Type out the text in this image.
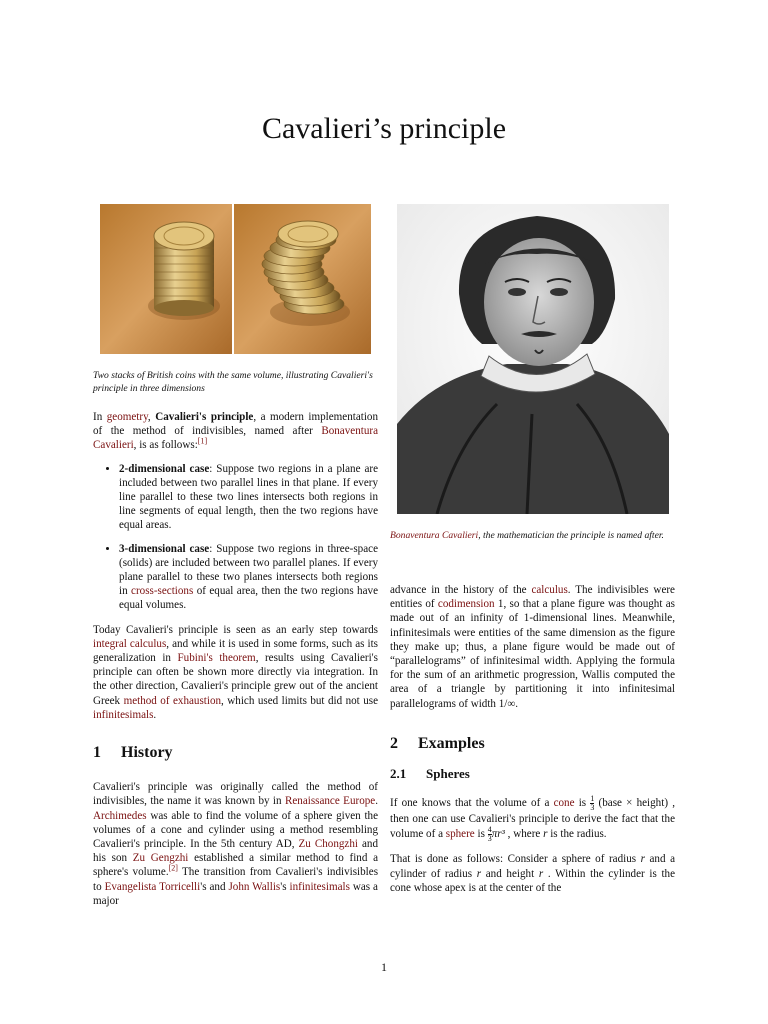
Cavalieri’s principle
Two stacks of British coins with the same volume, illustrating Cavalieri's principle in three dimensions
Bonaventura Cavalieri, the mathematician the principle is named after.

In geometry, Cavalieri's principle, a modern implementation of the method of indivisibles, named after Bonaventura Cavalieri, is as follows:[1]

• 2-dimensional case: Suppose two regions in a plane are included between two parallel lines in that plane. If every line parallel to these two lines intersects both regions in line segments of equal length, then the two regions have equal areas.
• 3-dimensional case: Suppose two regions in three-space (solids) are included between two parallel planes. If every plane parallel to these two planes intersects both regions in cross-sections of equal area, then the two regions have equal volumes.

Today Cavalieri's principle is seen as an early step towards integral calculus, and while it is used in some forms, such as its generalization in Fubini's theorem, results using Cavalieri's principle can often be shown more directly via integration. In the other direction, Cavalieri's principle grew out of the ancient Greek method of exhaustion, which used limits but did not use infinitesimals.

1 History

Cavalieri's principle was originally called the method of indivisibles, the name it was known by in Renaissance Europe. Archimedes was able to find the volume of a sphere given the volumes of a cone and cylinder using a method resembling Cavalieri's principle. In the 5th century AD, Zu Chongzhi and his son Zu Gengzhi established a similar method to find a sphere's volume.[2] The transition from Cavalieri's indivisibles to Evangelista Torricelli's and John Wallis's infinitesimals was a major

advance in the history of the calculus. The indivisibles were entities of codimension 1, so that a plane figure was thought as made out of an infinity of 1-dimensional lines. Meanwhile, infinitesimals were entities of the same dimension as the figure they make up; thus, a plane figure would be made out of “parallelograms” of infinitesimal width. Applying the formula for the sum of an arithmetic progression, Wallis computed the area of a triangle by partitioning it into infinitesimal parallelograms of width 1/∞.

2 Examples
2.1 Spheres

If one knows that the volume of a cone is $\frac{1}{3}$ (base × height) , then one can use Cavalieri's principle to derive the fact that the volume of a sphere is $\frac{4}{3} \pi r^3$ , where r is the radius.

That is done as follows: Consider a sphere of radius r and a cylinder of radius r and height r . Within the cylinder is the cone whose apex is at the center of the

1
